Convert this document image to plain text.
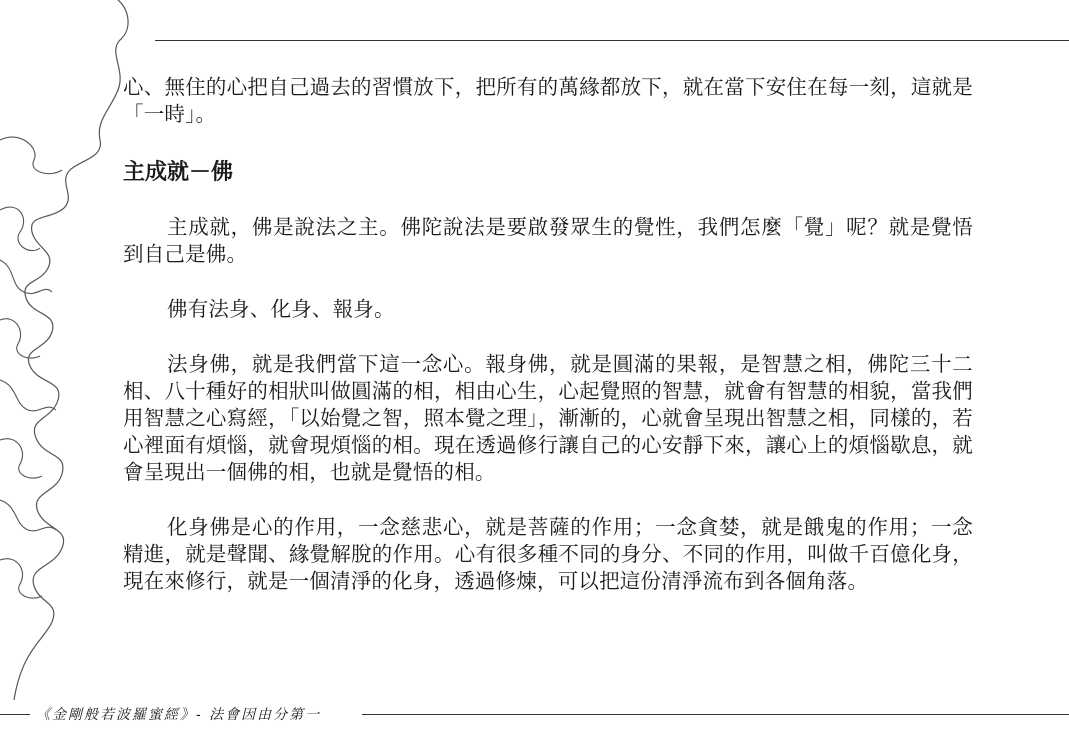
心、無住的心把自己過去的習慣放下，把所有的萬緣都放下，就在當下安住在每一刻，這就是「一時」。

主成就－佛

主成就，佛是說法之主。佛陀說法是要啟發眾生的覺性，我們怎麼「覺」呢？就是覺悟到自己是佛。

佛有法身、化身、報身。

法身佛，就是我們當下這一念心。報身佛，就是圓滿的果報，是智慧之相，佛陀三十二相、八十種好的相狀叫做圓滿的相，相由心生，心起覺照的智慧，就會有智慧的相貌，當我們用智慧之心寫經，「以始覺之智，照本覺之理」，漸漸的，心就會呈現出智慧之相，同樣的，若心裡面有煩惱，就會現煩惱的相。現在透過修行讓自己的心安靜下來，讓心上的煩惱歇息，就會呈現出一個佛的相，也就是覺悟的相。

化身佛是心的作用，一念慈悲心，就是菩薩的作用；一念貪婪，就是餓鬼的作用；一念精進，就是聲聞、緣覺解脫的作用。心有很多種不同的身分、不同的作用，叫做千百億化身，現在來修行，就是一個清淨的化身，透過修煉，可以把這份清淨流布到各個角落。

《金剛般若波羅蜜經》- 法會因由分第一
